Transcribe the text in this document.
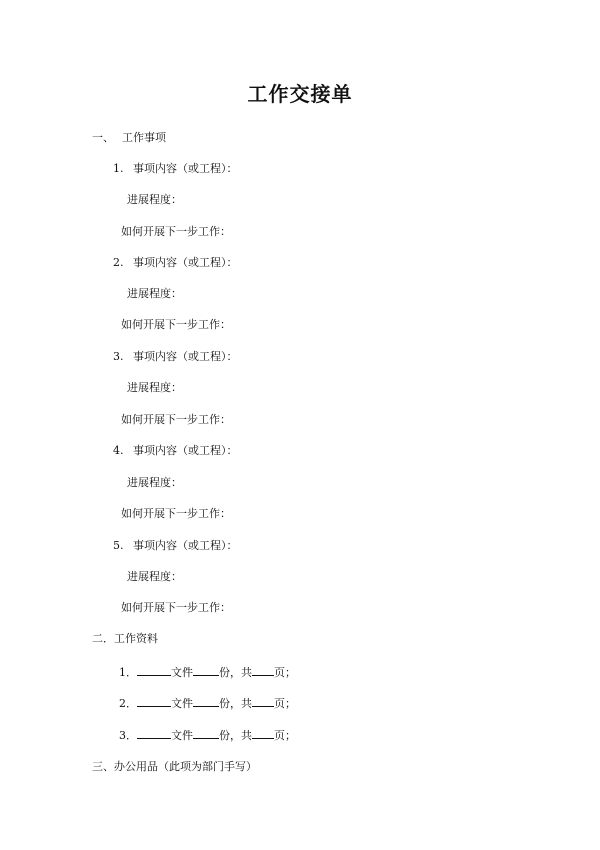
工作交接单
一、 工作事项
1. 事项内容（或工程）：
进展程度：
如何开展下一步工作：
2. 事项内容（或工程）：
进展程度：
如何开展下一步工作：
3. 事项内容（或工程）：
进展程度：
如何开展下一步工作：
4. 事项内容（或工程）：
进展程度：
如何开展下一步工作：
5. 事项内容（或工程）：
进展程度：
如何开展下一步工作：
二．工作资料
1．	文件 份，共 页；
2．	文件 份，共 页；
3．	文件 份，共 页；
三、办公用品（此项为部门手写）
